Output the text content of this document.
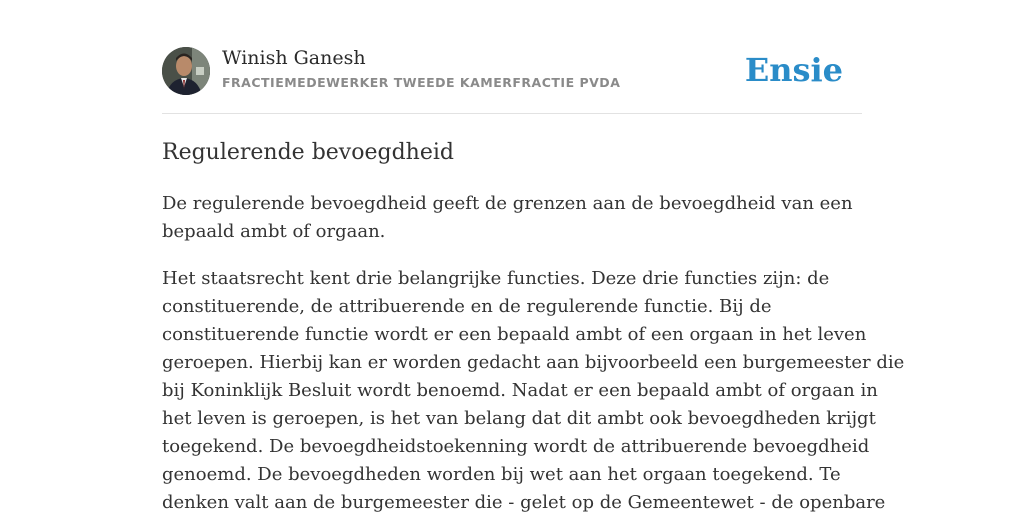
Winish Ganesh
FRACTIEMEDEWERKER TWEEDE KAMERFRACTIE PVDA	Ensie
Regulerende bevoegdheid

De regulerende bevoegdheid geeft de grenzen aan de bevoegdheid van een
bepaald ambt of orgaan.

Het staatsrecht kent drie belangrijke functies. Deze drie functies zijn: de
constituerende, de attribuerende en de regulerende functie. Bij de
constituerende functie wordt er een bepaald ambt of een orgaan in het leven
geroepen. Hierbij kan er worden gedacht aan bijvoorbeeld een burgemeester die
bij Koninklijk Besluit wordt benoemd. Nadat er een bepaald ambt of orgaan in
het leven is geroepen, is het van belang dat dit ambt ook bevoegdheden krijgt
toegekend. De bevoegdheidstoekenning wordt de attribuerende bevoegdheid
genoemd. De bevoegdheden worden bij wet aan het orgaan toegekend. Te
denken valt aan de burgemeester die - gelet op de Gemeentewet - de openbare
